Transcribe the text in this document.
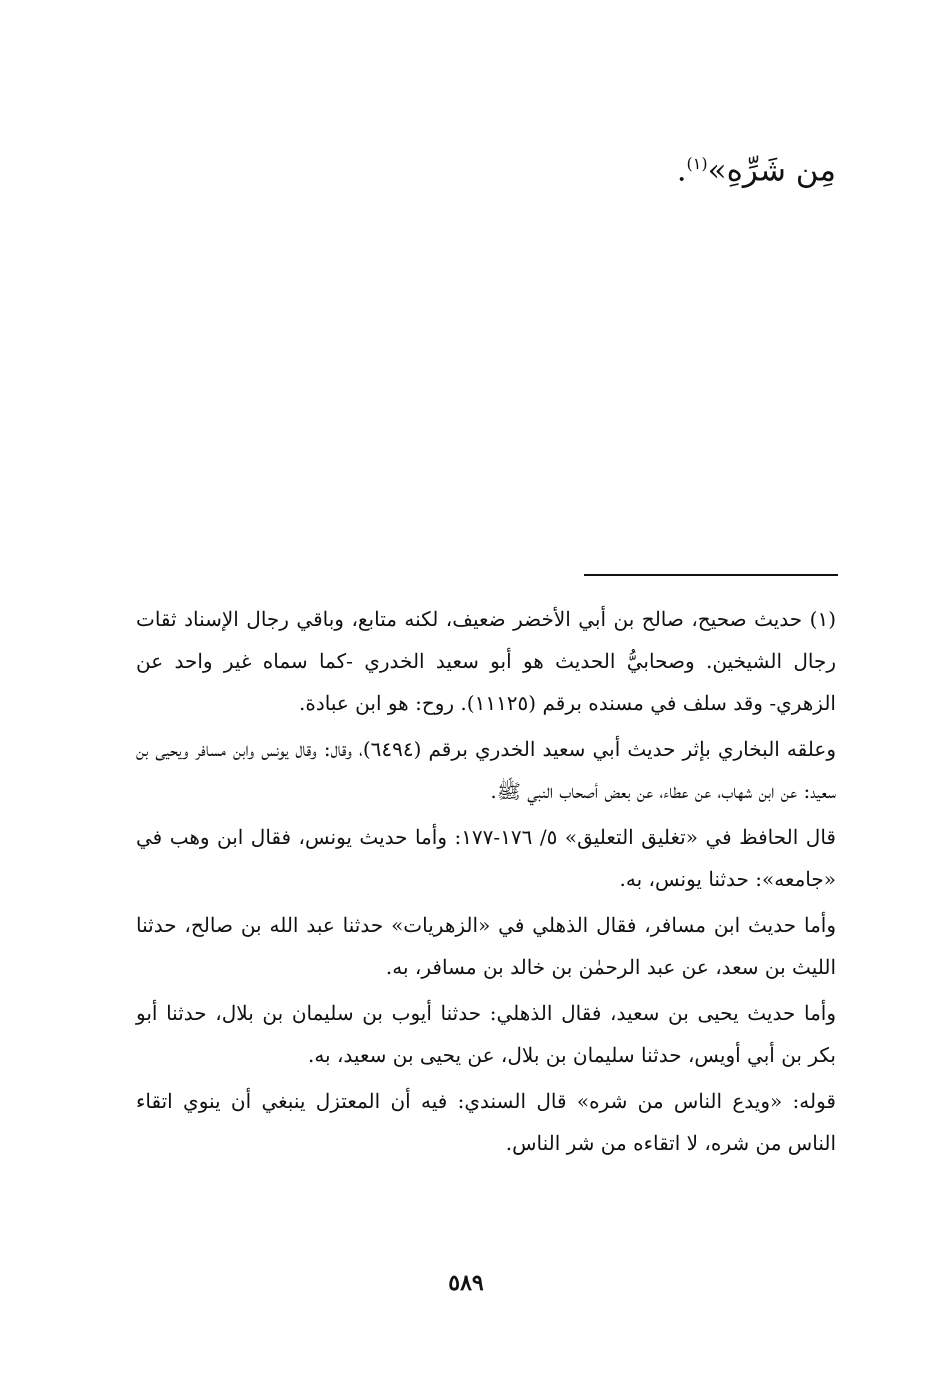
مِن شَرِّهِ»$^{(١)}$.

(١) حديث صحيح، صالح بن أبي الأخضر ضعيف، لكنه متابع، وباقي رجال الإسناد ثقات رجال الشيخين. وصحابيُّ الحديث هو أبو سعيد الخدري -كما سماه غير واحد عن الزهري- وقد سلف في مسنده برقم (١١١٢٥). روح: هو ابن عبادة.

وعلقه البخاري بإثر حديث أبي سعيد الخدري برقم (٦٤٩٤)، وقال: وقال يونس وابن مسافر ويحيى بن سعيد: عن ابن شهاب، عن عطاء، عن بعض أصحاب النبي ﷺ.

قال الحافظ في «تغليق التعليق» ٥/ ١٧٦-١٧٧: وأما حديث يونس، فقال ابن وهب في «جامعه»: حدثنا يونس، به.

وأما حديث ابن مسافر، فقال الذهلي في «الزهريات» حدثنا عبد الله بن صالح، حدثنا الليث بن سعد، عن عبد الرحمٰن بن خالد بن مسافر، به.

وأما حديث يحيى بن سعيد، فقال الذهلي: حدثنا أيوب بن سليمان بن بلال، حدثنا أبو بكر بن أبي أويس، حدثنا سليمان بن بلال، عن يحيى بن سعيد، به.

قوله: «ويدع الناس من شره» قال السندي: فيه أن المعتزل ينبغي أن ينوي اتقاء الناس من شره، لا اتقاءه من شر الناس.

٥٨٩
